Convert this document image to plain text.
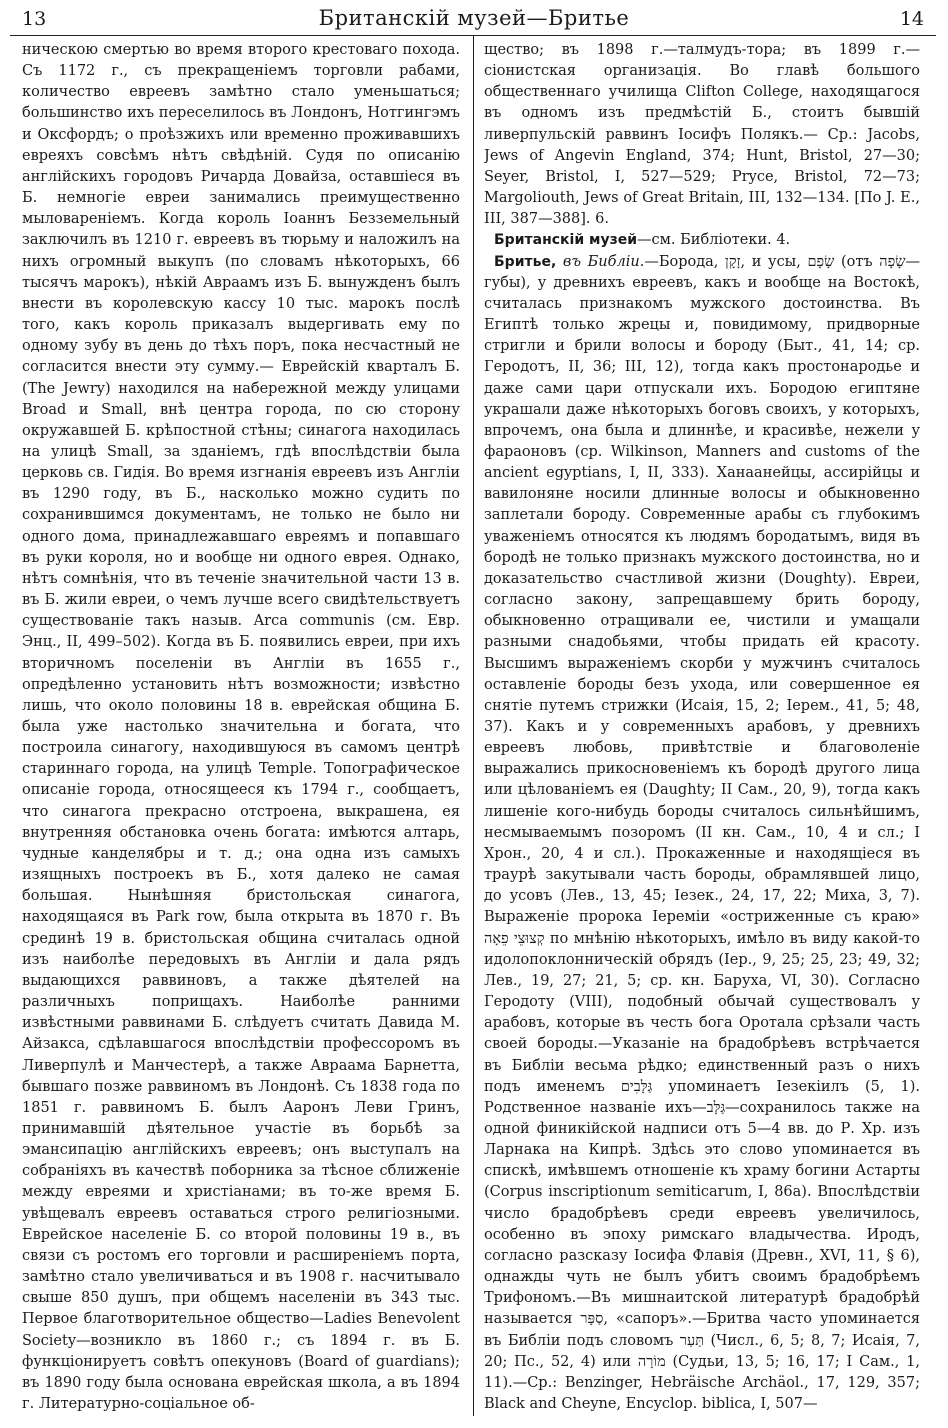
13	Британскій музей—Бритье	14

ническою смертью во время второго крестоваго похода. Съ 1172 г., съ прекращеніемъ торговли рабами, количество евреевъ замѣтно стало уменьшаться; большинство ихъ переселилось въ Лондонъ, Нотгингэмъ и Оксфордъ; о проѣзжихъ или временно проживавшихъ евреяхъ совсѣмъ нѣтъ свѣдѣній. Судя по описанію англійскихъ городовъ Ричарда Довайза, оставшіеся въ Б. немногіе евреи занимались преимущественно мыловареніемъ. Когда король Іоаннъ Безземельный заключилъ въ 1210 г. евреевъ въ тюрьму и наложилъ на нихъ огромный выкупъ (по словамъ нѣкоторыхъ, 66 тысячъ марокъ), нѣкій Авраамъ изъ Б. вынужденъ былъ внести въ королевскую кассу 10 тыс. марокъ послѣ того, какъ король приказалъ выдергивать ему по одному зубу въ день до тѣхъ поръ, пока несчастный не согласится внести эту сумму.— Еврейскій кварталъ Б. (The Jewry) находился на набережной между улицами Broad и Small, внѣ центра города, по сю сторону окружавшей Б. крѣпостной стѣны; синагога находилась на улицѣ Small, за зданіемъ, гдѣ впослѣдствіи была церковь св. Гидія. Во время изгнанія евреевъ изъ Англіи въ 1290 году, въ Б., насколько можно судить по сохранившимся документамъ, не только не было ни одного дома, принадлежавшаго евреямъ и попавшаго въ руки короля, но и вообще ни одного еврея. Однако, нѣтъ сомнѣнія, что въ теченіе значительной части 13 в. въ Б. жили евреи, о чемъ лучше всего свидѣтельствуетъ существованіе такъ назыв. Arca communis (см. Евр. Энц., II, 499–502). Когда въ Б. появились евреи, при ихъ вторичномъ поселеніи въ Англіи въ 1655 г., опредѣленно установить нѣтъ возможности; извѣстно лишь, что около половины 18 в. еврейская община Б. была уже настолько значительна и богата, что построила синагогу, находившуюся въ самомъ центрѣ стариннаго города, на улицѣ Temple. Топографическое описаніе города, относящееся къ 1794 г., сообщаетъ, что синагога прекрасно отстроена, выкрашена, ея внутренняя обстановка очень богата: имѣются алтарь, чудные канделябры и т. д.; она одна изъ самыхъ изящныхъ построекъ въ Б., хотя далеко не самая большая. Нынѣшняя бристольская синагога, находящаяся въ Park row, была открыта въ 1870 г. Въ срединѣ 19 в. бристольская община считалась одной изъ наиболѣе передовыхъ въ Англіи и дала рядъ выдающихся раввиновъ, а также дѣятелей на различныхъ поприщахъ. Наиболѣе ранними извѣстными раввинами Б. слѣдуетъ считать Давида М. Айзакса, сдѣлавшагося впослѣдствіи профессоромъ въ Ливерпулѣ и Манчестерѣ, а также Авраама Барнетта, бывшаго позже раввиномъ въ Лондонѣ. Съ 1838 года по 1851 г. раввиномъ Б. былъ Ааронъ Леви Гринъ, принимавшій дѣятельное участіе въ борьбѣ за эмансипацію англійскихъ евреевъ; онъ выступалъ на собраніяхъ въ качествѣ поборника за тѣсное сближеніе между евреями и христіанами; въ то-же время Б. увѣщевалъ евреевъ оставаться строго религіозными. Еврейское населеніе Б. со второй половины 19 в., въ связи съ ростомъ его торговли и расширеніемъ порта, замѣтно стало увеличиваться и въ 1908 г. насчитывало свыше 850 душъ, при общемъ населеніи въ 343 тыс. Первое благотворительное общество—Ladies Benevolent Society—возникло въ 1860 г.; съ 1894 г. въ Б. функціонируетъ совѣтъ опекуновъ (Board of guardians); въ 1890 году была основана еврейская школа, а въ 1894 г. Литературно-соціальное об-

щество; въ 1898 г.—талмудъ-тора; въ 1899 г.—сіонистская организація. Во главѣ большого общественнаго училища Clifton College, находящагося въ одномъ изъ предмѣстій Б., стоитъ бывшій ливерпульскій раввинъ Іосифъ Полякъ.— Ср.: Jacobs, Jews of Angevin England, 374; Hunt, Bristol, 27—30; Seyer, Bristol, I, 527—529; Pryce, Bristol, 72—73; Margoliouth, Jews of Great Britain, III, 132—134. [По J. E., III, 387—388]. 6.

Британскій музей—см. Библіотеки. 4.

Бритье, въ Библіи.—Борода, זָקָן, и усы, שָׂפָם (отъ שָׂפָה—губы), у древнихъ евреевъ, какъ и вообще на Востокѣ, считалась признакомъ мужского достоинства. Въ Египтѣ только жрецы и, повидимому, придворные стригли и брили волосы и бороду (Быт., 41, 14; ср. Геродотъ, II, 36; III, 12), тогда какъ простонародье и даже сами цари отпускали ихъ. Бородою египтяне украшали даже нѣкоторыхъ боговъ своихъ, у которыхъ, впрочемъ, она была и длиннѣе, и красивѣе, нежели у фараоновъ (ср. Wilkinson, Manners and customs of the ancient egyptians, I, II, 333). Ханаанейцы, ассирійцы и вавилоняне носили длинные волосы и обыкновенно заплетали бороду. Современные арабы съ глубокимъ уваженіемъ относятся къ людямъ бородатымъ, видя въ бородѣ не только признакъ мужского достоинства, но и доказательство счастливой жизни (Doughty). Евреи, согласно закону, запрещавшему брить бороду, обыкновенно отращивали ее, чистили и умащали разными снадобьями, чтобы придать ей красоту. Высшимъ выраженіемъ скорби у мужчинъ считалось оставленіе бороды безъ ухода, или совершенное ея снятіе путемъ стрижки (Исаія, 15, 2; Іерем., 41, 5; 48, 37). Какъ и у современныхъ арабовъ, у древнихъ евреевъ любовь, привѣтствіе и благоволеніе выражались прикосновеніемъ къ бородѣ другого лица или цѣлованіемъ ея (Daughty; II Сам., 20, 9), тогда какъ лишеніе кого-нибудь бороды считалось сильнѣйшимъ, несмываемымъ позоромъ (II кн. Сам., 10, 4 и сл.; I Хрон., 20, 4 и сл.). Прокаженные и находящіеся въ траурѣ закутывали часть бороды, обрамлявшей лицо, до усовъ (Лев., 13, 45; Іезек., 24, 17, 22; Миха, 3, 7). Выраженіе пророка Іереміи «остриженные съ краю» קְצוּצֵי פֵאָה по мнѣнію нѣкоторыхъ, имѣло въ виду какой-то идолопоклонническій обрядъ (Іер., 9, 25; 25, 23; 49, 32; Лев., 19, 27; 21, 5; ср. кн. Баруха, VI, 30). Согласно Геродоту (VIII), подобный обычай существовалъ у арабовъ, которые въ честь бога Оротала срѣзали часть своей бороды.—Указаніе на брадобрѣевъ встрѣчается въ Библіи весьма рѣдко; единственный разъ о нихъ подъ именемъ גַּלָּבִים упоминаетъ Іезекіилъ (5, 1). Родственное названіе ихъ—גַּלָּב—сохранилось также на одной финикійской надписи отъ 5—4 вв. до Р. Хр. изъ Ларнака на Кипрѣ. Здѣсь это слово упоминается въ спискѣ, имѣвшемъ отношеніе къ храму богини Астарты (Corpus inscriptionum semiticarum, I, 86а). Впослѣдствіи число брадобрѣевъ среди евреевъ увеличилось, особенно въ эпоху римскаго владычества. Иродъ, согласно разсказу Іосифа Флавія (Древн., XVI, 11, § 6), однажды чуть не былъ убитъ своимъ брадобрѣемъ Трифономъ.—Въ мишнаитской литературѣ брадобрѣй называется סַפָּר, «сапоръ».—Бритва часто упоминается въ Библіи подъ словомъ תַּעַר (Числ., 6, 5; 8, 7; Исаія, 7, 20; Пс., 52, 4) или מוֹרָה (Судьи, 13, 5; 16, 17; I Сам., 1, 11).—Ср.: Benzinger, Hebräische Archäol., 17, 129, 357; Black and Cheyne, Encyclop. biblica, I, 507—
